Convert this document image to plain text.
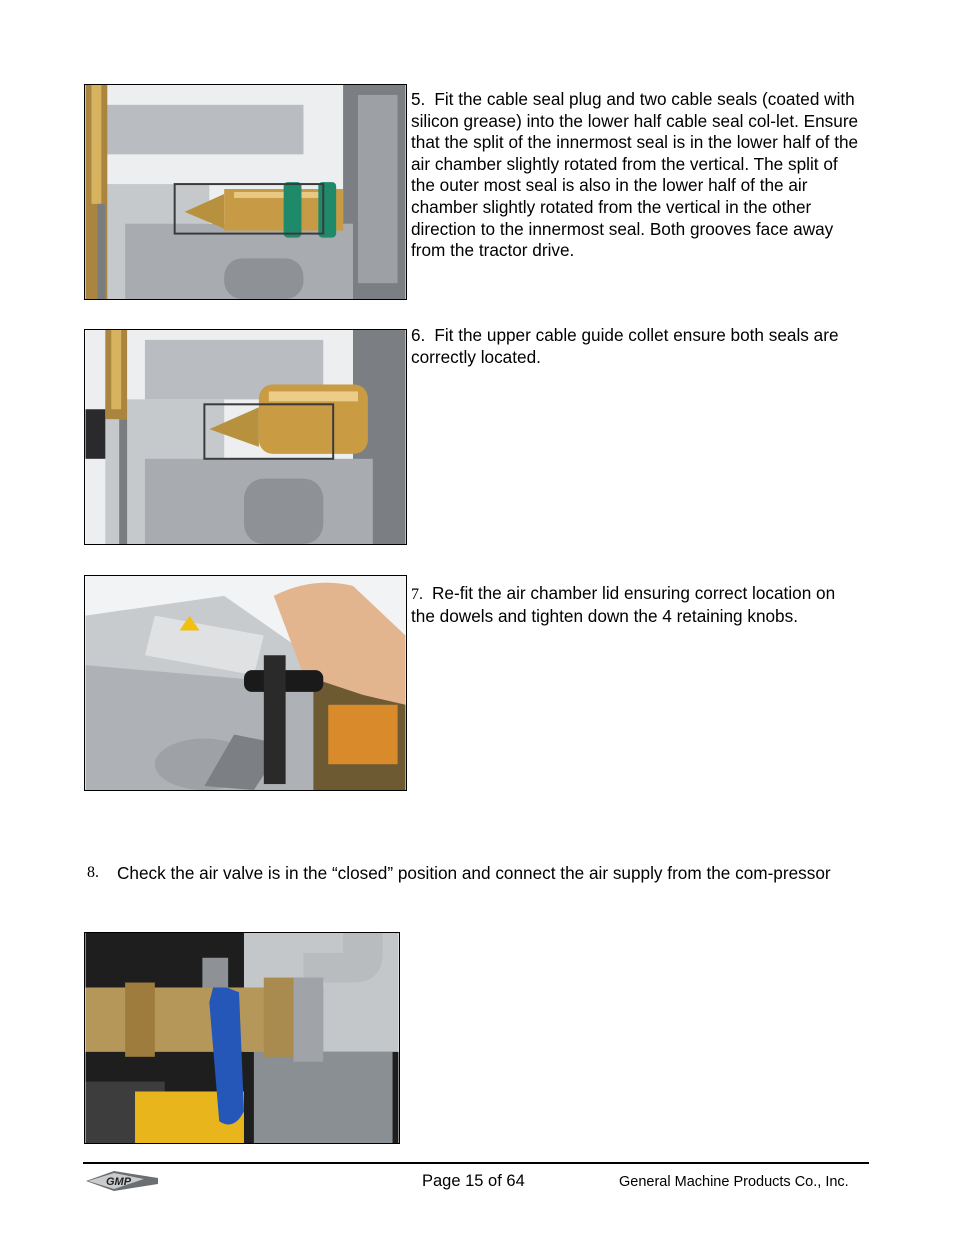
5. Fit the cable seal plug and two cable seals (coated with silicon grease) into the lower half cable seal col-let. Ensure that the split of the innermost seal is in the lower half of the air chamber slightly rotated from the vertical. The split of the outer most seal is also in the lower half of the air chamber slightly rotated from the vertical in the other direction to the innermost seal. Both grooves face away from the tractor drive.

6. Fit the upper cable guide collet ensure both seals are correctly located.

7. Re-fit the air chamber lid ensuring correct location on the dowels and tighten down the 4 retaining knobs.

8. Check the air valve is in the “closed” position and connect the air supply from the com-pressor
GMP	Page 15 of 64	General Machine Products Co., Inc.
